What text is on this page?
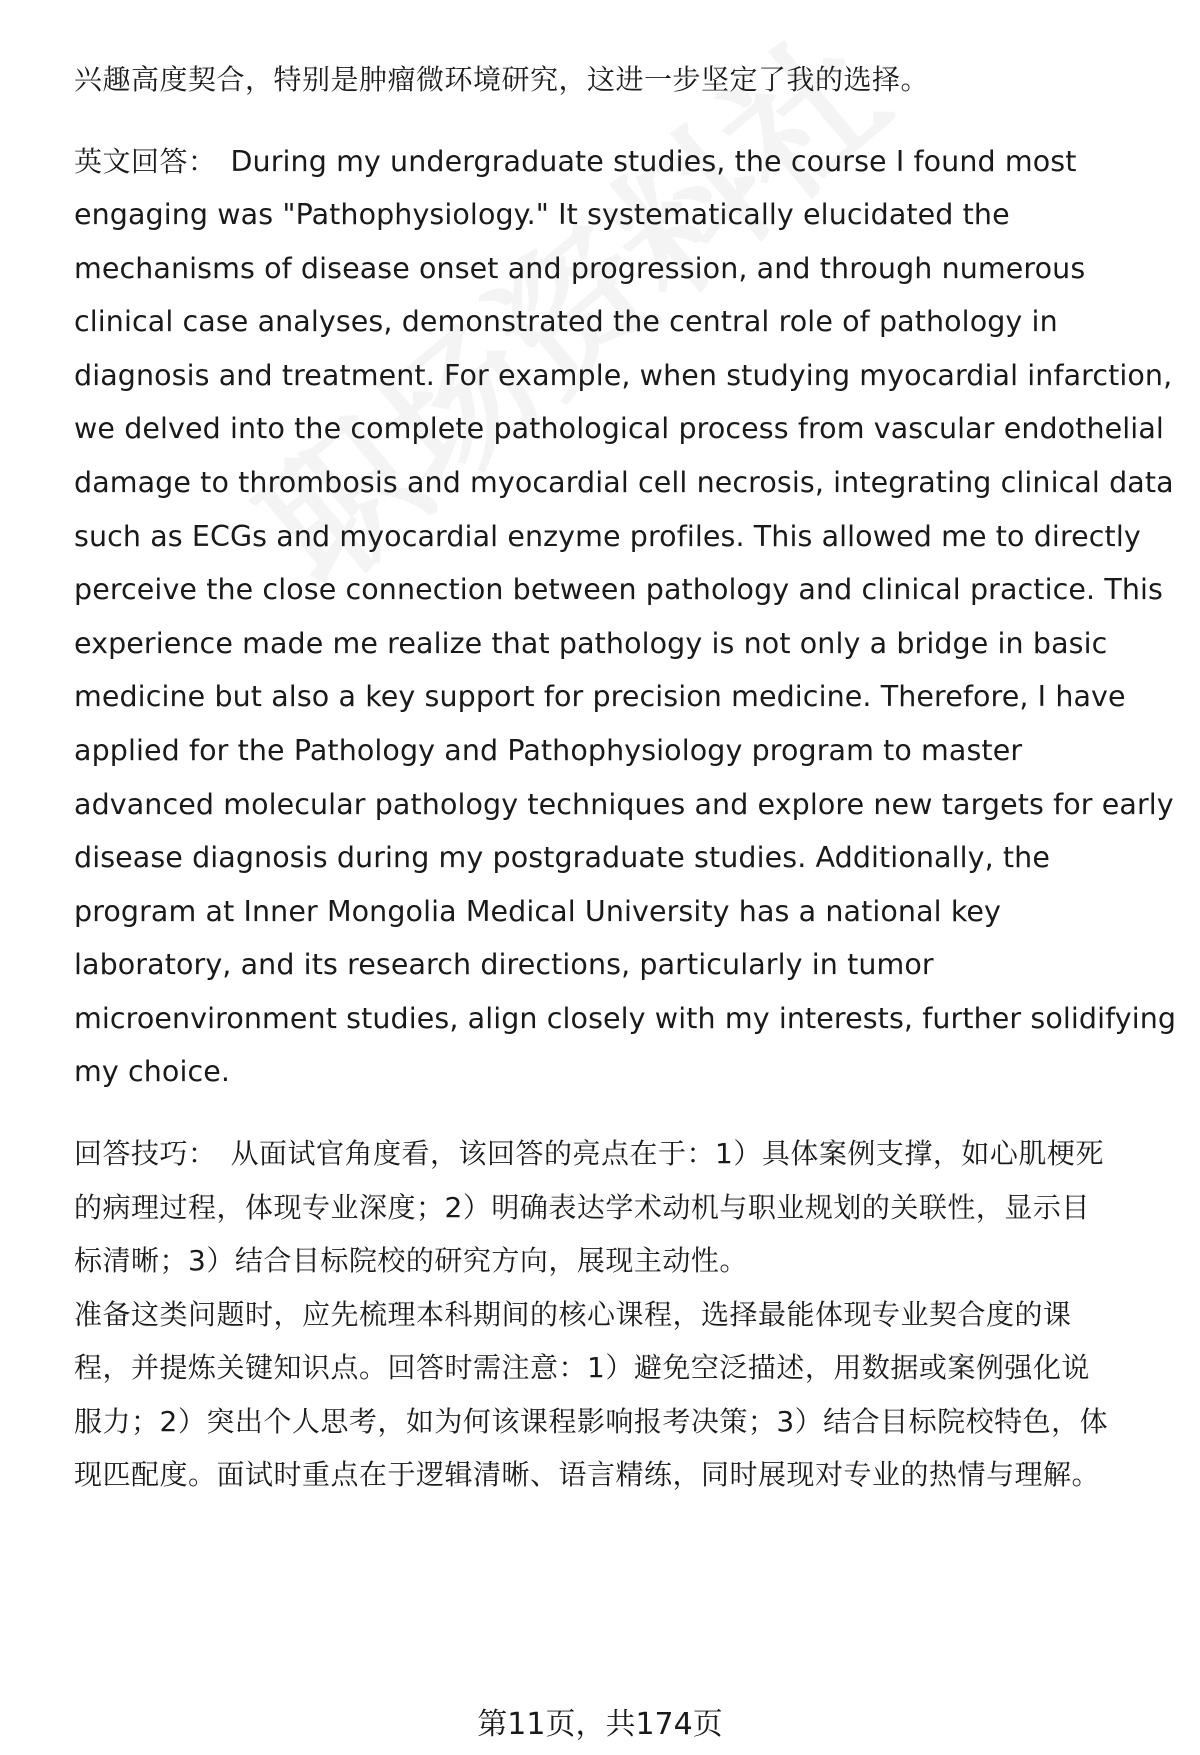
兴趣高度契合，特别是肿瘤微环境研究，这进一步坚定了我的选择。
英文回答： During my undergraduate studies, the course I found most
engaging was "Pathophysiology." It systematically elucidated the
mechanisms of disease onset and progression, and through numerous
clinical case analyses, demonstrated the central role of pathology in
diagnosis and treatment. For example, when studying myocardial infarction,
we delved into the complete pathological process from vascular endothelial
damage to thrombosis and myocardial cell necrosis, integrating clinical data
such as ECGs and myocardial enzyme profiles. This allowed me to directly
perceive the close connection between pathology and clinical practice. This
experience made me realize that pathology is not only a bridge in basic
medicine but also a key support for precision medicine. Therefore, I have
applied for the Pathology and Pathophysiology program to master
advanced molecular pathology techniques and explore new targets for early
disease diagnosis during my postgraduate studies. Additionally, the
program at Inner Mongolia Medical University has a national key
laboratory, and its research directions, particularly in tumor
microenvironment studies, align closely with my interests, further solidifying
my choice.
回答技巧： 从面试官角度看，该回答的亮点在于：1）具体案例支撑，如心肌梗死
的病理过程，体现专业深度；2）明确表达学术动机与职业规划的关联性，显示目
标清晰；3）结合目标院校的研究方向，展现主动性。
准备这类问题时，应先梳理本科期间的核心课程，选择最能体现专业契合度的课
程，并提炼关键知识点。回答时需注意：1）避免空泛描述，用数据或案例强化说
服力；2）突出个人思考，如为何该课程影响报考决策；3）结合目标院校特色，体
现匹配度。面试时重点在于逻辑清晰、语言精练，同时展现对专业的热情与理解。
第11页，共174页
